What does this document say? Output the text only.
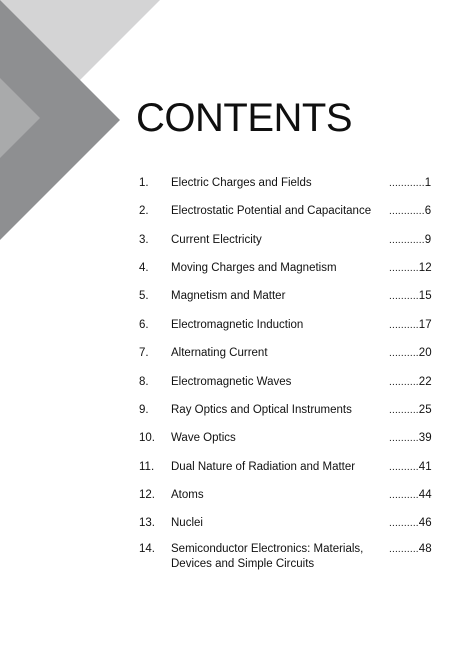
CONTENTS
1. Electric Charges and Fields	............1
2. Electrostatic Potential and Capacitance	............6
3. Current Electricity	............9
4. Moving Charges and Magnetism	..........12
5. Magnetism and Matter	..........15
6. Electromagnetic Induction	..........17
7. Alternating Current	..........20
8. Electromagnetic Waves	..........22
9. Ray Optics and Optical Instruments	..........25
10. Wave Optics	..........39
11. Dual Nature of Radiation and Matter	..........41
12. Atoms	..........44
13. Nuclei	..........46
14. Semiconductor Electronics: Materials,
Devices and Simple Circuits
..........48
